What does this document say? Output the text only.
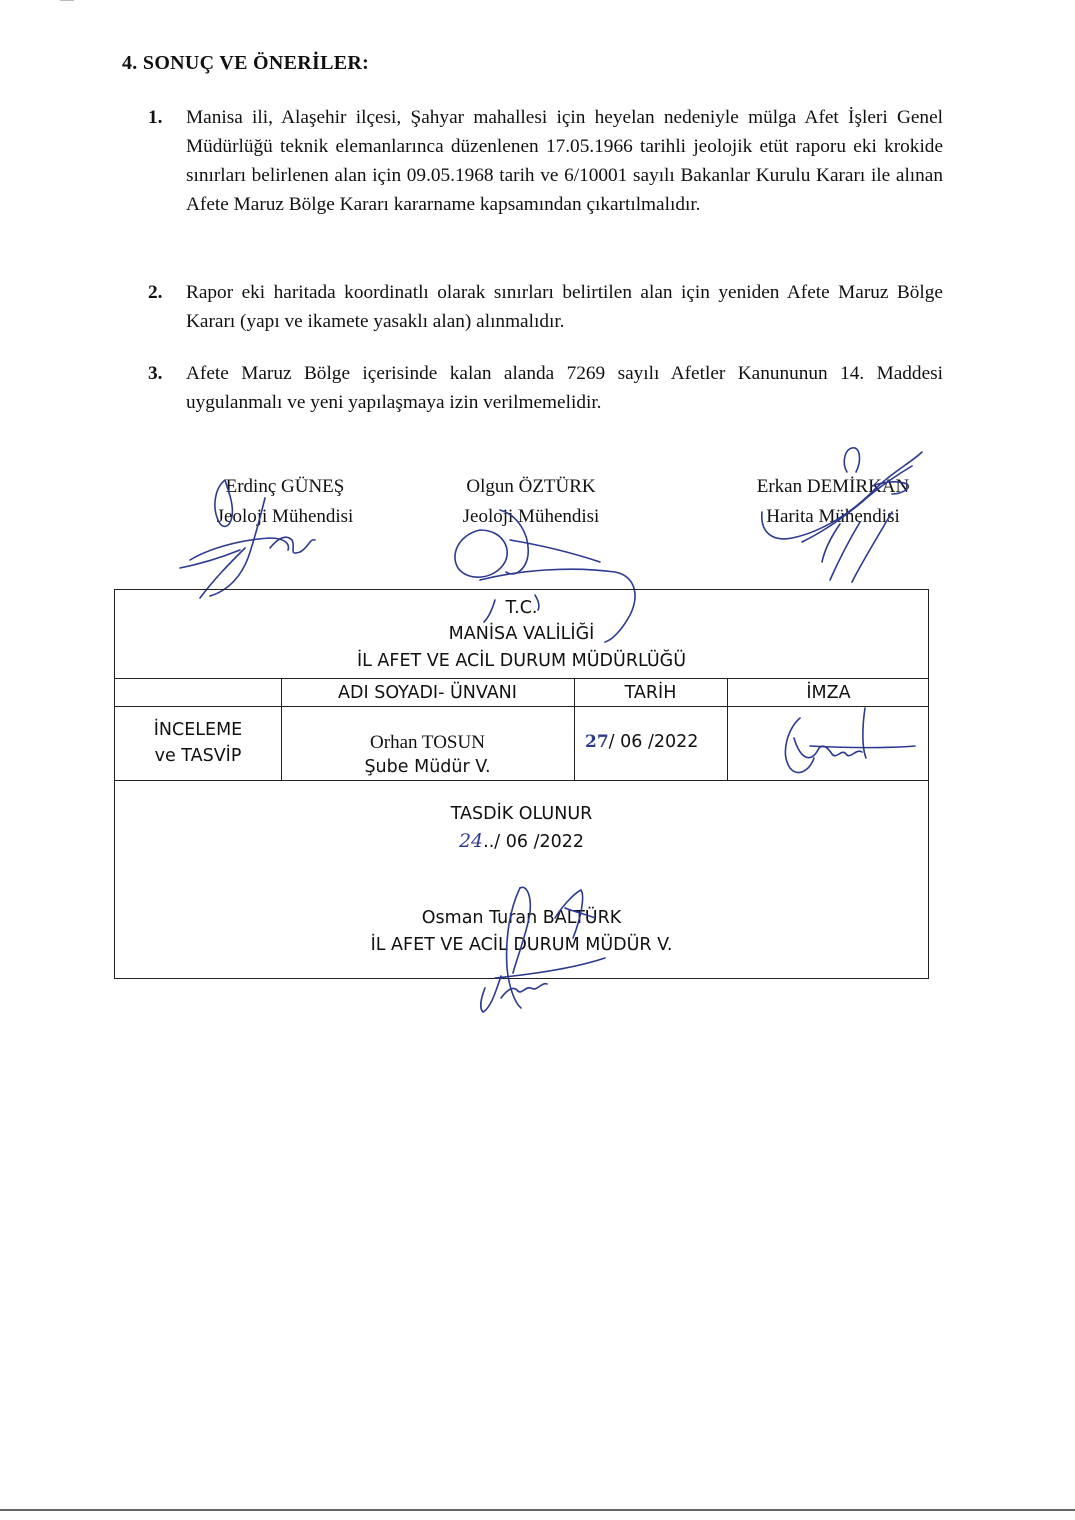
4. SONUÇ VE ÖNERİLER:
1. Manisa ili, Alaşehir ilçesi, Şahyar mahallesi için heyelan nedeniyle mülga Afet İşleri Genel Müdürlüğü teknik elemanlarınca düzenlenen 17.05.1966 tarihli jeolojik etüt raporu eki krokide sınırları belirlenen alan için 09.05.1968 tarih ve 6/10001 sayılı Bakanlar Kurulu Kararı ile alınan Afete Maruz Bölge Kararı kararname kapsamından çıkartılmalıdır.
2. Rapor eki haritada koordinatlı olarak sınırları belirtilen alan için yeniden Afete Maruz Bölge Kararı (yapı ve ikamete yasaklı alan) alınmalıdır.
3. Afete Maruz Bölge içerisinde kalan alanda 7269 sayılı Afetler Kanununun 14. Maddesi uygulanmalı ve yeni yapılaşmaya izin verilmemelidir.
Erdinç GÜNEŞ
Jeoloji Mühendisi
Olgun ÖZTÜRK
Jeoloji Mühendisi
Erkan DEMİRKAN
Harita Mühendisi
T.C.
MANİSA VALİLİĞİ
İL AFET VE ACİL DURUM MÜDÜRLÜĞÜ
ADI SOYADI- ÜNVANI	TARİH	İMZA
İNCELEME
ve TASVİP
Orhan TOSUN
Şube Müdür V.
27/ 06 /2022
TASDİK OLUNUR
24../ 06 /2022
Osman Turan BALTÜRK
İL AFET VE ACİL DURUM MÜDÜR V.
